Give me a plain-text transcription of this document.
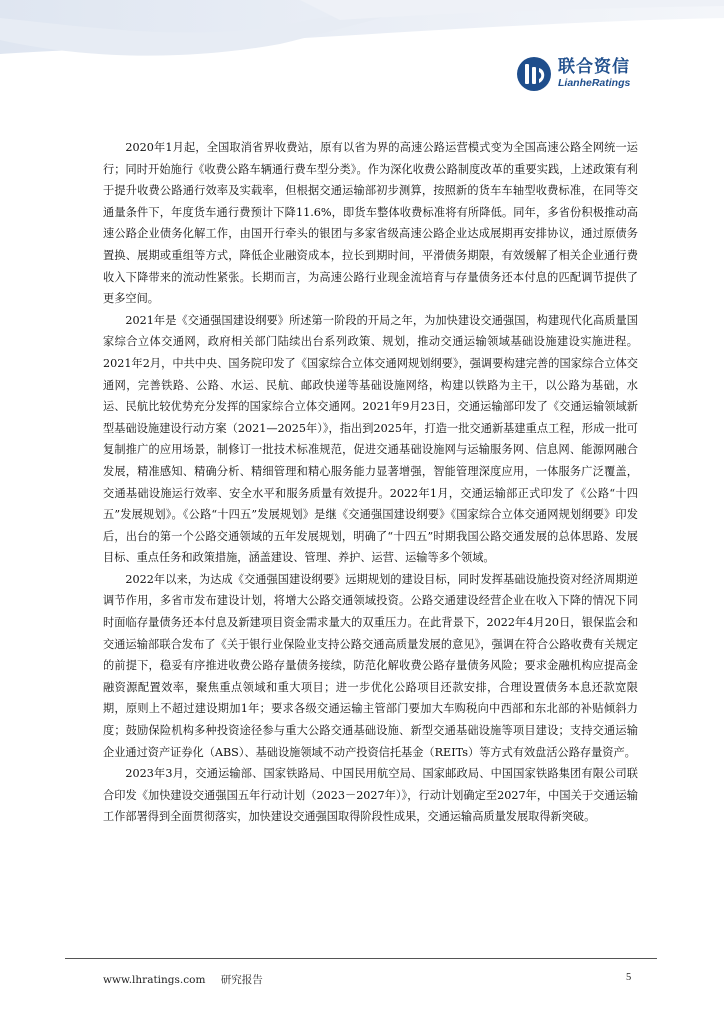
联合资信
LianheRatings

2020年1月起，全国取消省界收费站，原有以省为界的高速公路运营模式变为全国高速公路全网统一运行；同时开始施行《收费公路车辆通行费车型分类》。作为深化收费公路制度改革的重要实践，上述政策有利于提升收费公路通行效率及实载率，但根据交通运输部初步测算，按照新的货车车轴型收费标准，在同等交通量条件下，年度货车通行费预计下降11.6%，即货车整体收费标准将有所降低。同年，多省份积极推动高速公路企业债务化解工作，由国开行牵头的银团与多家省级高速公路企业达成展期再安排协议，通过原债务置换、展期或重组等方式，降低企业融资成本，拉长到期时间，平滑债务期限，有效缓解了相关企业通行费收入下降带来的流动性紧张。长期而言，为高速公路行业现金流培育与存量债务还本付息的匹配调节提供了更多空间。

2021年是《交通强国建设纲要》所述第一阶段的开局之年，为加快建设交通强国，构建现代化高质量国家综合立体交通网，政府相关部门陆续出台系列政策、规划，推动交通运输领域基础设施建设实施进程。2021年2月，中共中央、国务院印发了《国家综合立体交通网规划纲要》，强调要构建完善的国家综合立体交通网，完善铁路、公路、水运、民航、邮政快递等基础设施网络，构建以铁路为主干，以公路为基础，水运、民航比较优势充分发挥的国家综合立体交通网。2021年9月23日，交通运输部印发了《交通运输领域新型基础设施建设行动方案（2021—2025年）》，指出到2025年，打造一批交通新基建重点工程，形成一批可复制推广的应用场景，制修订一批技术标准规范，促进交通基础设施网与运输服务网、信息网、能源网融合发展，精准感知、精确分析、精细管理和精心服务能力显著增强，智能管理深度应用，一体服务广泛覆盖，交通基础设施运行效率、安全水平和服务质量有效提升。2022年1月，交通运输部正式印发了《公路“十四五”发展规划》。《公路“十四五”发展规划》是继《交通强国建设纲要》《国家综合立体交通网规划纲要》印发后，出台的第一个公路交通领域的五年发展规划，明确了“十四五”时期我国公路交通发展的总体思路、发展目标、重点任务和政策措施，涵盖建设、管理、养护、运营、运输等多个领域。

2022年以来，为达成《交通强国建设纲要》远期规划的建设目标，同时发挥基础设施投资对经济周期逆调节作用，多省市发布建设计划，将增大公路交通领域投资。公路交通建设经营企业在收入下降的情况下同时面临存量债务还本付息及新建项目资金需求量大的双重压力。在此背景下，2022年4月20日，银保监会和交通运输部联合发布了《关于银行业保险业支持公路交通高质量发展的意见》，强调在符合公路收费有关规定的前提下，稳妥有序推进收费公路存量债务接续，防范化解收费公路存量债务风险；要求金融机构应提高金融资源配置效率，聚焦重点领域和重大项目；进一步优化公路项目还款安排，合理设置债务本息还款宽限期，原则上不超过建设期加1年；要求各级交通运输主管部门要加大车购税向中西部和东北部的补贴倾斜力度；鼓励保险机构多种投资途径参与重大公路交通基础设施、新型交通基础设施等项目建设；支持交通运输企业通过资产证券化（ABS）、基础设施领域不动产投资信托基金（REITs）等方式有效盘活公路存量资产。

2023年3月，交通运输部、国家铁路局、中国民用航空局、国家邮政局、中国国家铁路集团有限公司联合印发《加快建设交通强国五年行动计划（2023－2027年）》，行动计划确定至2027年，中国关于交通运输工作部署得到全面贯彻落实，加快建设交通强国取得阶段性成果，交通运输高质量发展取得新突破。

www.lhratings.com 研究报告	5
